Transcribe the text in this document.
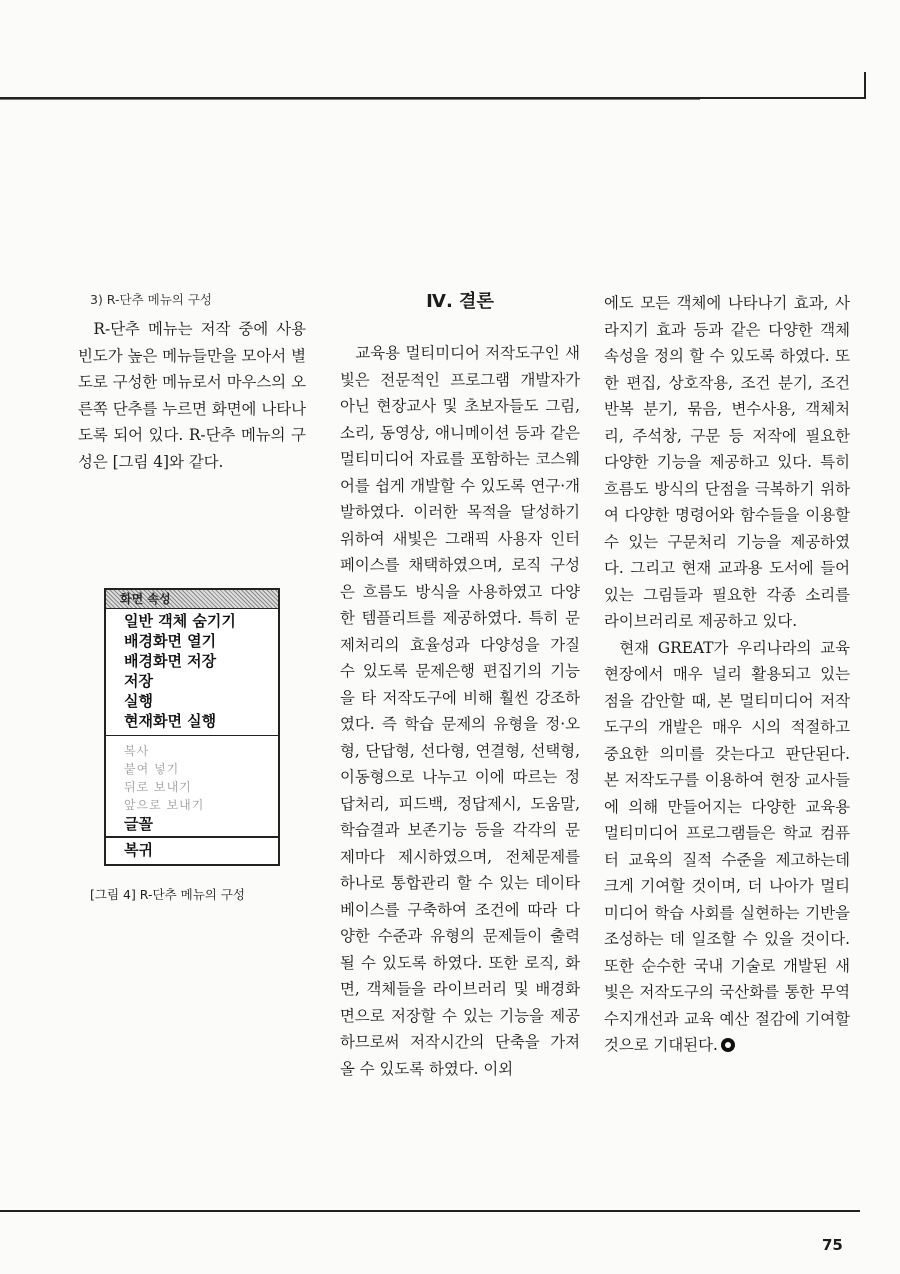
3) R-단추 메뉴의 구성

R-단추 메뉴는 저작 중에 사용빈도가 높은 메뉴들만을 모아서 별도로 구성한 메뉴로서 마우스의 오른쪽 단추를 누르면 화면에 나타나도록 되어 있다. R-단추 메뉴의 구성은 [그림 4]와 같다.

화면 속성
일반 객체 숨기기
배경화면 열기
배경화면 저장
저장
실행
현재화면 실행
복사
붙여 넣기
뒤로 보내기
앞으로 보내기
글꼴
복귀
[그림 4] R-단추 메뉴의 구성
Ⅳ. 결론

교육용 멀티미디어 저작도구인 새빛은 전문적인 프로그램 개발자가 아닌 현장교사 및 초보자들도 그림, 소리, 동영상, 애니메이션 등과 같은 멀티미디어 자료를 포함하는 코스웨어를 쉽게 개발할 수 있도록 연구·개발하였다. 이러한 목적을 달성하기 위하여 새빛은 그래픽 사용자 인터페이스를 채택하였으며, 로직 구성은 흐름도 방식을 사용하였고 다양한 템플리트를 제공하였다. 특히 문제처리의 효율성과 다양성을 가질 수 있도록 문제은행 편집기의 기능을 타 저작도구에 비해 훨씬 강조하였다. 즉 학습 문제의 유형을 정·오형, 단답형, 선다형, 연결형, 선택형, 이동형으로 나누고 이에 따르는 정답처리, 피드백, 정답제시, 도움말, 학습결과 보존기능 등을 각각의 문제마다 제시하였으며, 전체문제를 하나로 통합관리 할 수 있는 데이타베이스를 구축하여 조건에 따라 다양한 수준과 유형의 문제들이 출력될 수 있도록 하였다. 또한 로직, 화면, 객체들을 라이브러리 및 배경화면으로 저장할 수 있는 기능을 제공하므로써 저작시간의 단축을 가져 올 수 있도록 하였다. 이외

에도 모든 객체에 나타나기 효과, 사라지기 효과 등과 같은 다양한 객체 속성을 정의 할 수 있도록 하였다. 또한 편집, 상호작용, 조건 분기, 조건 반복 분기, 묶음, 변수사용, 객체처리, 주석창, 구문 등 저작에 필요한 다양한 기능을 제공하고 있다. 특히 흐름도 방식의 단점을 극복하기 위하여 다양한 명령어와 함수들을 이용할 수 있는 구문처리 기능을 제공하였다. 그리고 현재 교과용 도서에 들어 있는 그림들과 필요한 각종 소리를 라이브러리로 제공하고 있다.

현재 GREAT가 우리나라의 교육 현장에서 매우 널리 활용되고 있는 점을 감안할 때, 본 멀티미디어 저작도구의 개발은 매우 시의 적절하고 중요한 의미를 갖는다고 판단된다. 본 저작도구를 이용하여 현장 교사들에 의해 만들어지는 다양한 교육용 멀티미디어 프로그램들은 학교 컴퓨터 교육의 질적 수준을 제고하는데 크게 기여할 것이며, 더 나아가 멀티미디어 학습 사회를 실현하는 기반을 조성하는 데 일조할 수 있을 것이다. 또한 순수한 국내 기술로 개발된 새빛은 저작도구의 국산화를 통한 무역 수지개선과 교육 예산 절감에 기여할 것으로 기대된다.

75
